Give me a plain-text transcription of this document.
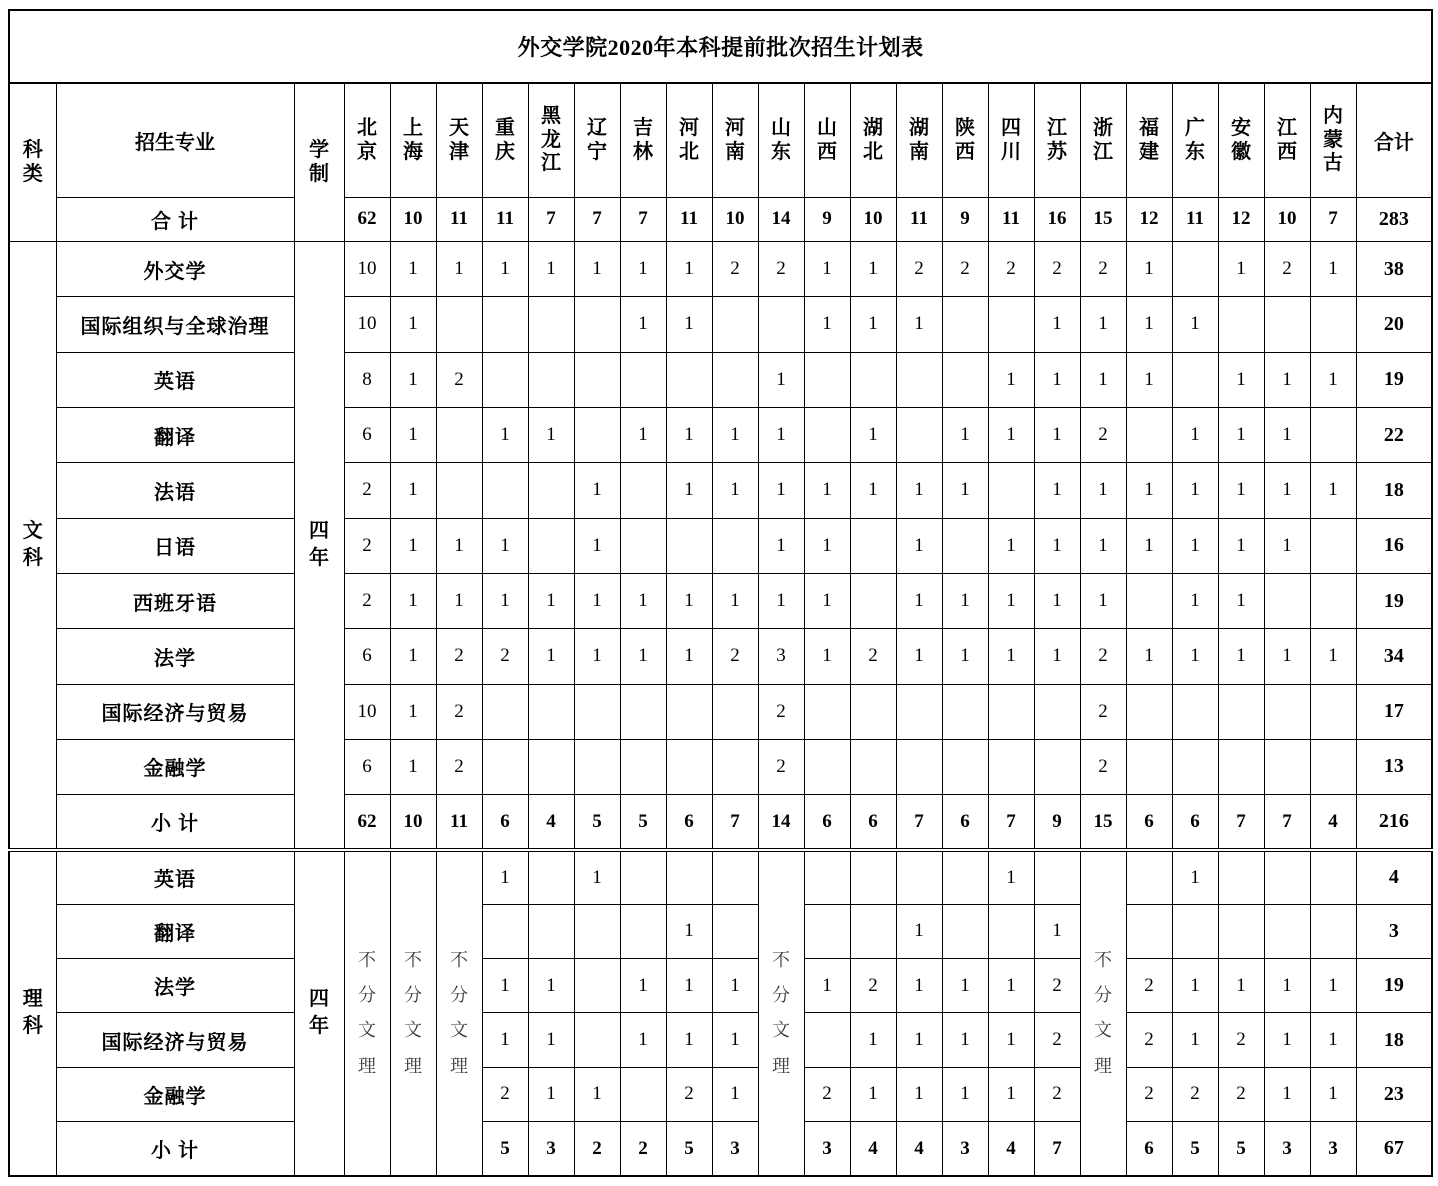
外交学院2020年本科提前批次招生计划表																									
科
类	招生专业	学
制	北
京	上
海	天
津	重
庆	黑
龙
江	辽
宁	吉
林	河
北	河
南	山
东	山
西	湖
北	湖
南	陕
西	四
川	江
苏	浙
江	福
建	广
东	安
徽	江
西	内
蒙
古	合计
	合 计		62	10	11	11	7	7	7	11	10	14	9	10	11	9	11	16	15	12	11	12	10	7	283
文
科	外交学	四
年	10	1	1	1	1	1	1	1	2	2	1	1	2	2	2	2	2	1		1	2	1	38
	国际组织与全球治理		10	1					1	1			1	1	1			1	1	1	1				20
	英语		8	1	2							1					1	1	1	1		1	1	1	19
	翻译		6	1		1	1		1	1	1	1		1		1	1	1	2		1	1	1		22
	法语		2	1				1		1	1	1	1	1	1	1		1	1	1	1	1	1	1	18
	日语		2	1	1	1		1				1	1		1		1	1	1	1	1	1	1		16
	西班牙语		2	1	1	1	1	1	1	1	1	1	1		1	1	1	1	1		1	1			19
	法学		6	1	2	2	1	1	1	1	2	3	1	2	1	1	1	1	2	1	1	1	1	1	34
	国际经济与贸易		10	1	2							2							2						17
	金融学		6	1	2							2							2						13
	小 计		62	10	11	6	4	5	5	6	7	14	6	6	7	6	7	9	15	6	6	7	7	4	216
理
科	英语	四
年	不
分
文
理	不
分
文
理	不
分
文
理	1		1				不
分
文
理					1		不
分
文
理		1				4
	翻译									1					1			1							3
	法学					1	1		1	1	1		1	2	1	1	1	2		2	1	1	1	1	19
	国际经济与贸易					1	1		1	1	1			1	1	1	1	2		2	1	2	1	1	18
	金融学					2	1	1		2	1		2	1	1	1	1	2		2	2	2	1	1	23
	小 计					5	3	2	2	5	3		3	4	4	3	4	7		6	5	5	3	3	67
